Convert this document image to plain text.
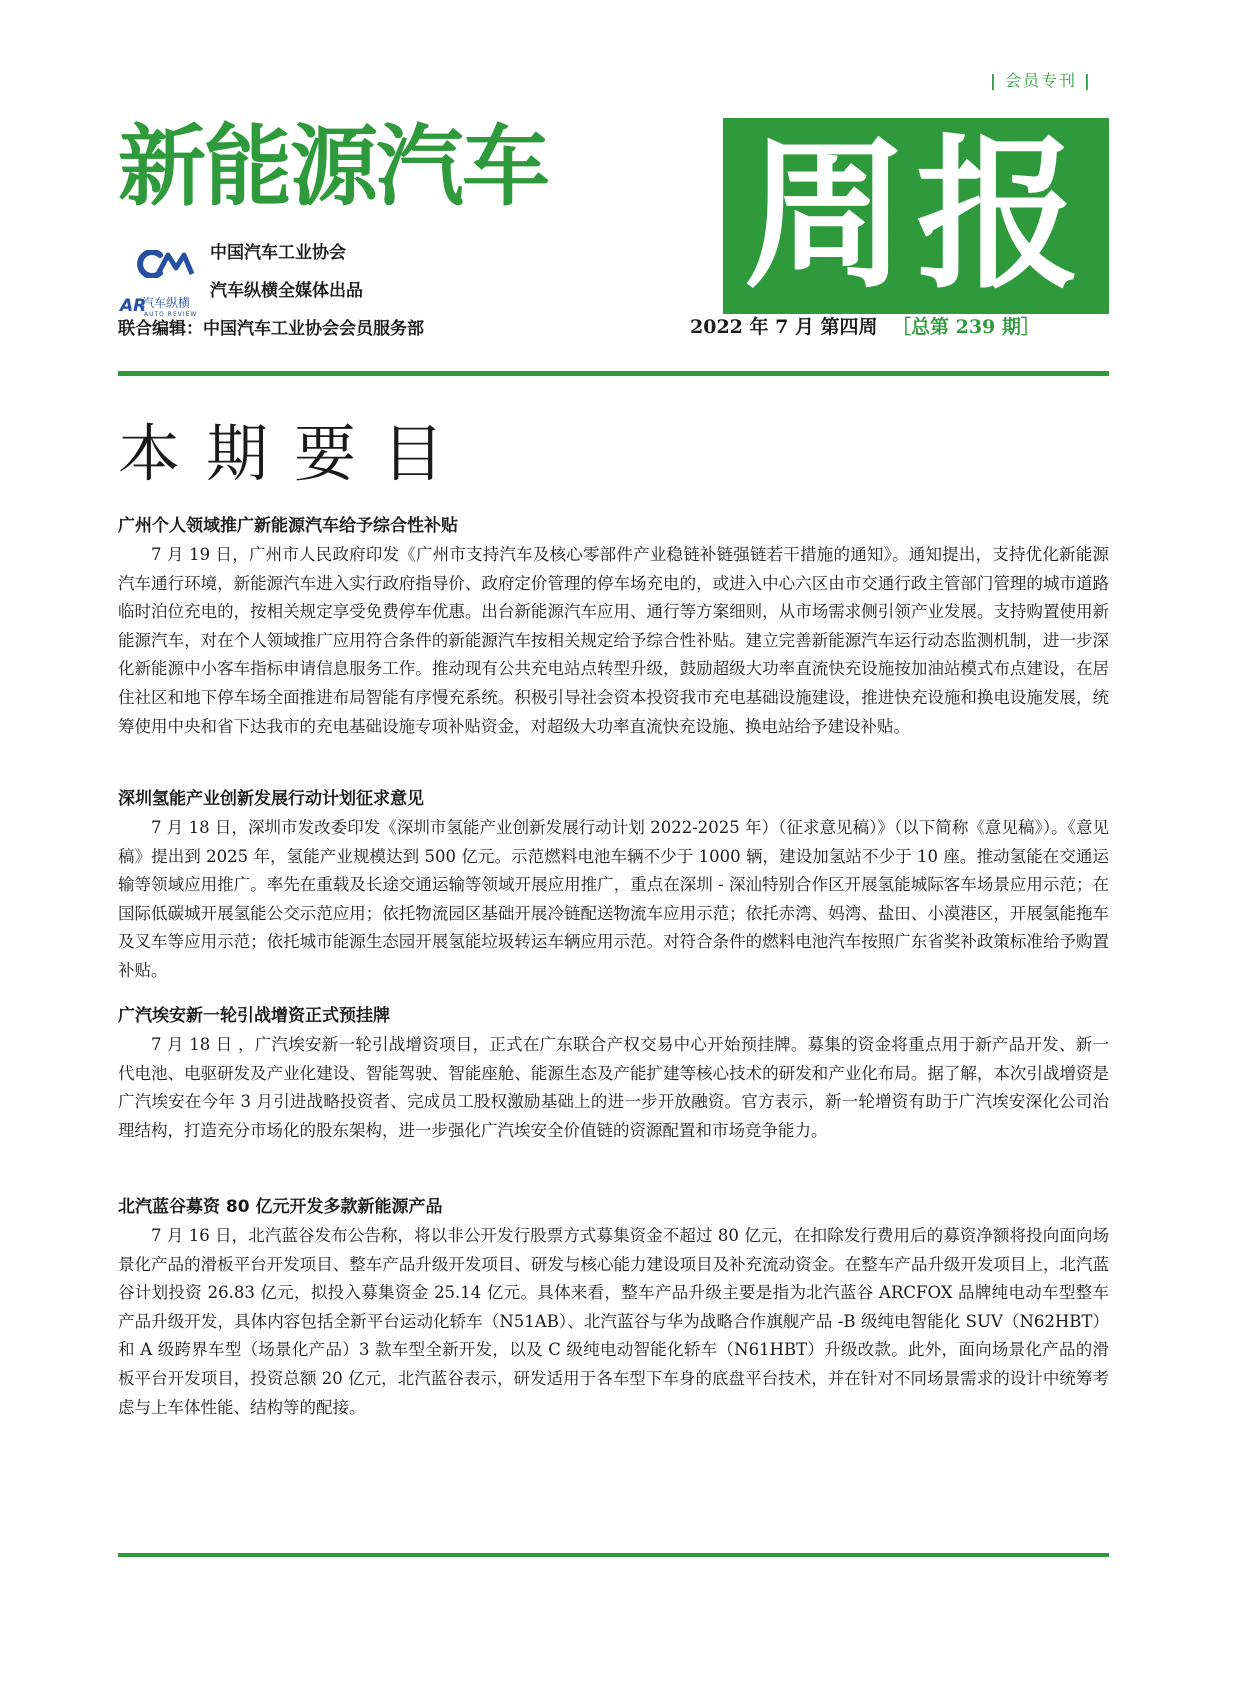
| 会员专刊 |
新能源汽车 周报
中国汽车工业协会
AR
汽车纵横
AUTO REVIEW
汽车纵横全媒体出品
联合编辑：中国汽车工业协会会员服务部	2022 年 7 月 第四周 ［总第 239 期］
本期要目
广州个人领域推广新能源汽车给予综合性补贴

7 月 19 日，广州市人民政府印发《广州市支持汽车及核心零部件产业稳链补链强链若干措施的通知》。通知提出，支持优化新能源汽车通行环境，新能源汽车进入实行政府指导价、政府定价管理的停车场充电的，或进入中心六区由市交通行政主管部门管理的城市道路临时泊位充电的，按相关规定享受免费停车优惠。出台新能源汽车应用、通行等方案细则，从市场需求侧引领产业发展。支持购置使用新能源汽车，对在个人领域推广应用符合条件的新能源汽车按相关规定给予综合性补贴。建立完善新能源汽车运行动态监测机制，进一步深化新能源中小客车指标申请信息服务工作。推动现有公共充电站点转型升级，鼓励超级大功率直流快充设施按加油站模式布点建设，在居住社区和地下停车场全面推进布局智能有序慢充系统。积极引导社会资本投资我市充电基础设施建设，推进快充设施和换电设施发展，统筹使用中央和省下达我市的充电基础设施专项补贴资金，对超级大功率直流快充设施、换电站给予建设补贴。

深圳氢能产业创新发展行动计划征求意见

7 月 18 日，深圳市发改委印发《深圳市氢能产业创新发展行动计划 2022-2025 年）（征求意见稿）》（以下简称《意见稿》）。《意见稿》提出到 2025 年，氢能产业规模达到 500 亿元。示范燃料电池车辆不少于 1000 辆，建设加氢站不少于 10 座。推动氢能在交通运输等领域应用推广。率先在重载及长途交通运输等领域开展应用推广，重点在深圳 - 深汕特别合作区开展氢能城际客车场景应用示范；在国际低碳城开展氢能公交示范应用；依托物流园区基础开展冷链配送物流车应用示范；依托赤湾、妈湾、盐田、小漠港区，开展氢能拖车及叉车等应用示范；依托城市能源生态园开展氢能垃圾转运车辆应用示范。对符合条件的燃料电池汽车按照广东省奖补政策标准给予购置补贴。

广汽埃安新一轮引战增资正式预挂牌

7 月 18 日 ，广汽埃安新一轮引战增资项目，正式在广东联合产权交易中心开始预挂牌。募集的资金将重点用于新产品开发、新一代电池、电驱研发及产业化建设、智能驾驶、智能座舱、能源生态及产能扩建等核心技术的研发和产业化布局。据了解，本次引战增资是广汽埃安在今年 3 月引进战略投资者、完成员工股权激励基础上的进一步开放融资。官方表示，新一轮增资有助于广汽埃安深化公司治理结构，打造充分市场化的股东架构，进一步强化广汽埃安全价值链的资源配置和市场竞争能力。

北汽蓝谷募资 80 亿元开发多款新能源产品

7 月 16 日，北汽蓝谷发布公告称，将以非公开发行股票方式募集资金不超过 80 亿元，在扣除发行费用后的募资净额将投向面向场景化产品的滑板平台开发项目、整车产品升级开发项目、研发与核心能力建设项目及补充流动资金。在整车产品升级开发项目上，北汽蓝谷计划投资 26.83 亿元，拟投入募集资金 25.14 亿元。具体来看，整车产品升级主要是指为北汽蓝谷 ARCFOX 品牌纯电动车型整车产品升级开发，具体内容包括全新平台运动化轿车（N51AB）、北汽蓝谷与华为战略合作旗舰产品 -B 级纯电智能化 SUV（N62HBT）和 A 级跨界车型（场景化产品）3 款车型全新开发，以及 C 级纯电动智能化轿车（N61HBT）升级改款。此外，面向场景化产品的滑板平台开发项目，投资总额 20 亿元，北汽蓝谷表示，研发适用于各车型下车身的底盘平台技术，并在针对不同场景需求的设计中统筹考虑与上车体性能、结构等的配接。
